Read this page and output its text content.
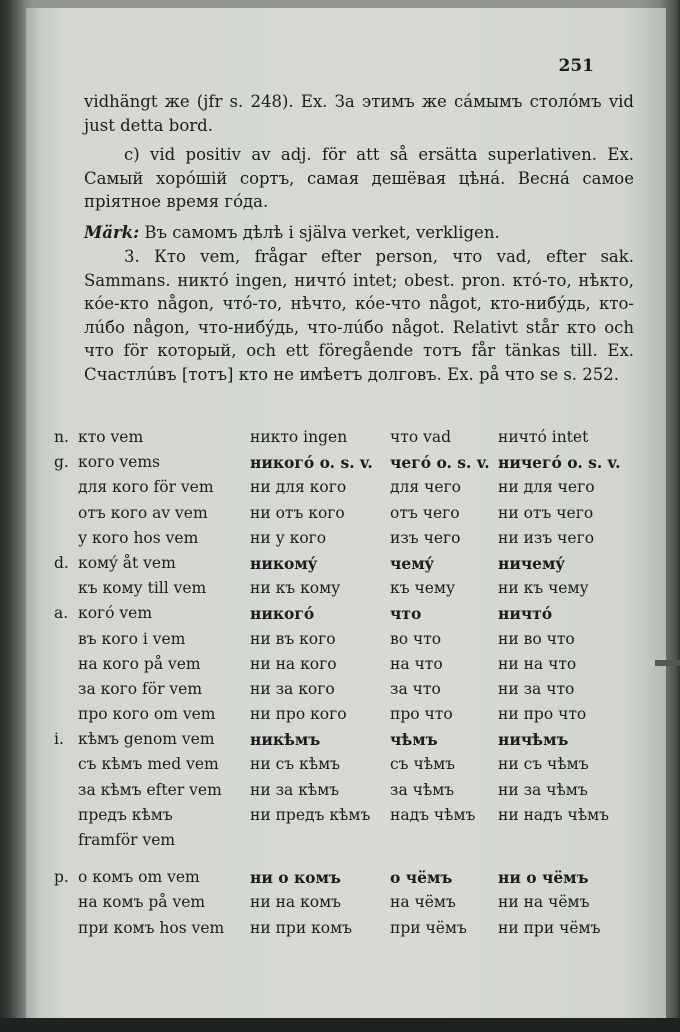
251
vidhängt же (jfr s. 248). Ex. За этимъ же сáмымъ столóмъ vid just detta bord.
c) vid positiv av adj. för att så ersätta superlativen. Ex. Самый хорóшій сортъ, самая дешёвая цѣнá. Веснá самое пріятное время гóда.
Märk: Въ самомъ дѣлѣ i själva verket, verkligen.
3. Кто vem, frågar efter person, что vad, efter sak. Sammans. никтó ingen, ничтó intet; obest. pron. ктó-то, нѣкто, кóе-кто någon, чтó-то, нѣчто, кóе-что något, кто-нибýдь, кто-лúбо någon, что-нибýдь, что-лúбо något. Relativt står кто och что för который, och ett föregående тотъ får tänkas till. Ex. Счастлúвъ [тотъ] кто не имѣетъ долговъ. Ex. på что se s. 252.
n.	кто vem	никто ingen	что vad	ничтó intet
g.	кого vems	никогó o. s. v.	чегó o. s. v.	ничегó o. s. v.
	для кого för vem	ни для кого	для чего	ни для чего
	отъ кого av vem	ни отъ кого	отъ чего	ни отъ чего
	у кого hos vem	ни у кого	изъ чего	ни изъ чего
d.	комý åt vem	никомý	чемý	ничемý
	къ кому till vem	ни къ кому	къ чему	ни къ чему
a.	когó vem	никогó	что	ничтó
	въ кого i vem	ни въ кого	во что	ни во что
	на кого på vem	ни на кого	на что	ни на что
	за кого för vem	ни за кого	за что	ни за что
	про кого om vem	ни про кого	про что	ни про что
i.	кѣмъ genom vem	никѣмъ	чѣмъ	ничѣмъ
	съ кѣмъ med vem	ни съ кѣмъ	съ чѣмъ	ни съ чѣмъ
	за кѣмъ efter vem	ни за кѣмъ	за чѣмъ	ни за чѣмъ
	предъ кѣмъ	ни предъ кѣмъ	надъ чѣмъ	ни надъ чѣмъ
	framför vem			

p.	о комъ om vem	ни о комъ	о чёмъ	ни о чёмъ
	на комъ på vem	ни на комъ	на чёмъ	ни на чёмъ
	при комъ hos vem	ни при комъ	при чёмъ	ни при чёмъ
